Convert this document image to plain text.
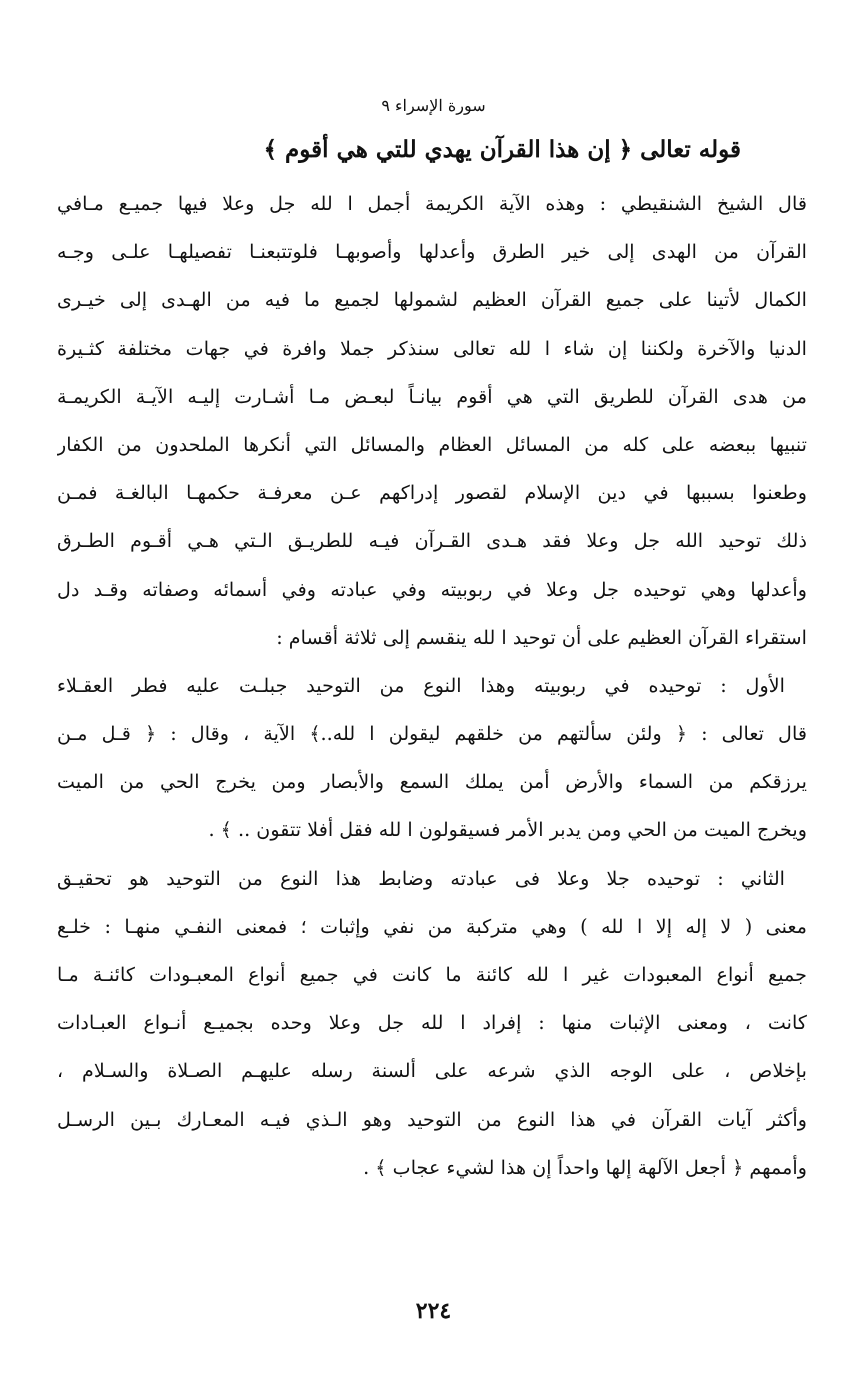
سورة الإسراء ٩
قوله تعالى ﴿ إن هذا القرآن يهدي للتي هي أقوم ﴾
قال الشيخ الشنقيطي : وهذه الآية الكريمة أجمل ا لله جل وعلا فيها جميـع مـافي
القرآن من الهدى إلى خير الطرق وأعدلها وأصوبهـا فلوتتبعنـا تفصيلهـا علـى وجـه
الكمال لأتينا على جميع القرآن العظيم لشمولها لجميع ما فيه من الهـدى إلى خيـرى
الدنيا والآخرة ولكننا إن شاء ا لله تعالى سنذكر جملا وافرة في جهات مختلفة كثـيرة
من هدى القرآن للطريق التي هي أقوم بيانـاً لبعـض مـا أشـارت إليـه الآيـة الكريمـة
تنبيها ببعضه على كله من المسائل العظام والمسائل التي أنكرها الملحدون من الكفار
وطعنوا بسببها في دين الإسلام لقصور إدراكهم عـن معرفـة حكمهـا البالغـة فمـن
ذلك توحيد الله جل وعلا فقد هـدى القـرآن فيـه للطريـق الـتي هـي أقـوم الطـرق
وأعدلها وهي توحيده جل وعلا في ربوبيته وفي عبادته وفي أسمائه وصفاته وقـد دل
استقراء القرآن العظيم على أن توحيد ا لله ينقسم إلى ثلاثة أقسام :
الأول : توحيده في ربوبيته وهذا النوع من التوحيد جبلـت عليه فطر العقـلاء
قال تعالى : ﴿ ولئن سألتهم من خلقهم ليقولن ا لله..﴾ الآية ، وقال : ﴿ قـل مـن
يرزقكم من السماء والأرض أمن يملك السمع والأبصار ومن يخرج الحي من الميت
ويخرج الميت من الحي ومن يدبر الأمر فسيقولون ا لله فقل أفلا تتقون .. ﴾ .
الثاني : توحيده جلا وعلا فى عبادته وضابط هذا النوع من التوحيد هو تحقيـق
معنى ( لا إله إلا ا لله ) وهي متركبة من نفي وإثبات ؛ فمعنى النفـي منهـا : خلـع
جميع أنواع المعبودات غير ا لله كائنة ما كانت في جميع أنواع المعبـودات كائنـة مـا
كانت ، ومعنى الإثبات منها : إفراد ا لله جل وعلا وحده بجميـع أنـواع العبـادات
بإخلاص ، على الوجه الذي شرعه على ألسنة رسله عليهـم الصـلاة والسـلام ،
وأكثر آيات القرآن في هذا النوع من التوحيد وهو الـذي فيـه المعـارك بـين الرسـل
وأممهم ﴿ أجعل الآلهة إلها واحداً إن هذا لشيء عجاب ﴾ .
٢٢٤
